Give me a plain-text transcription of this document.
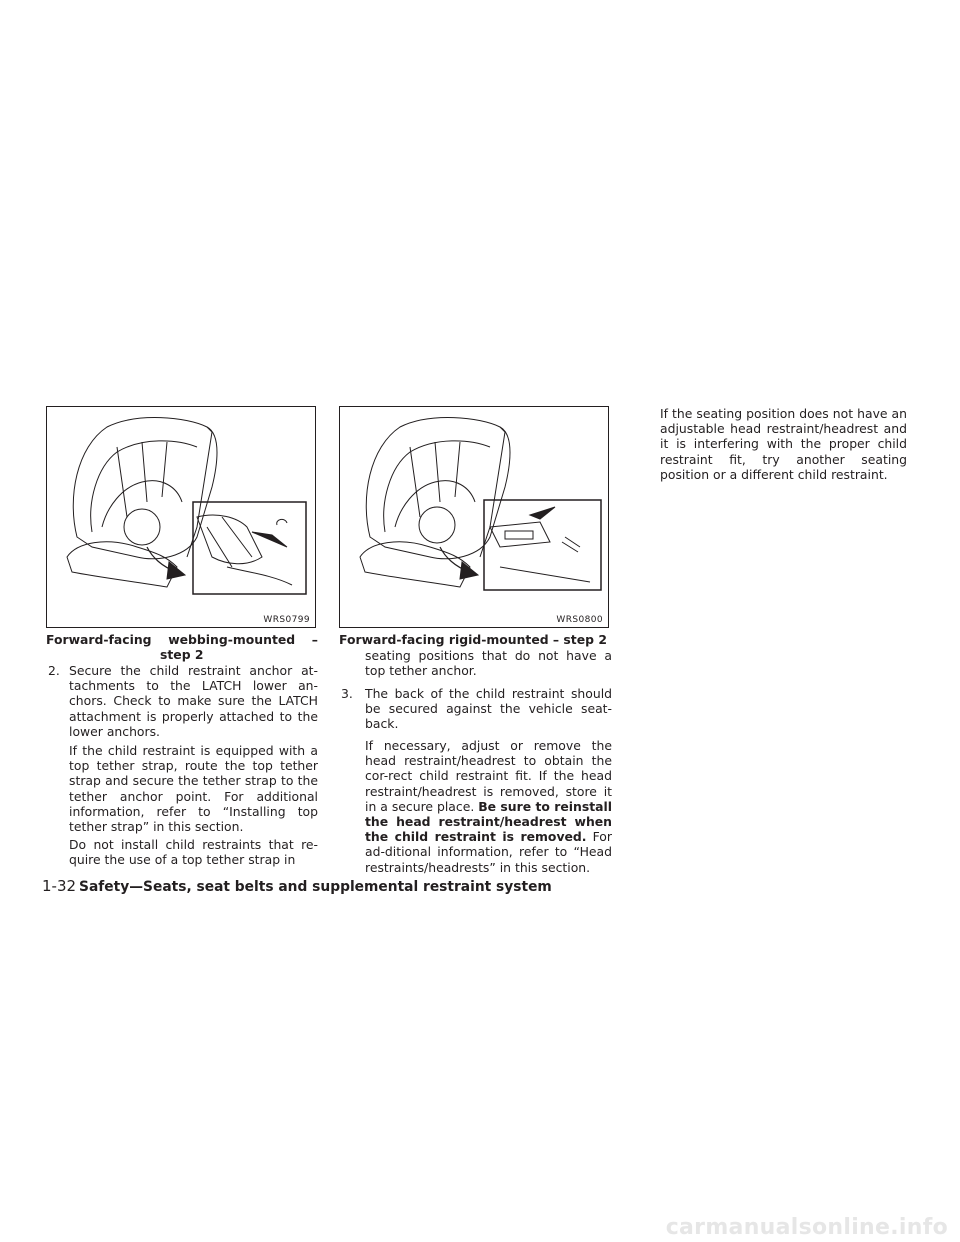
WRS0799	WRS0800
Forward-facing webbing-mounted –
step 2
Forward-facing rigid-mounted – step 2
2. Secure the child restraint anchor at-tachments to the LATCH lower an-chors. Check to make sure the LATCH attachment is properly attached to the lower anchors.

If the child restraint is equipped with a top tether strap, route the top tether strap and secure the tether strap to the tether anchor point. For additional information, refer to “Installing top tether strap” in this section.

Do not install child restraints that re-quire the use of a top tether strap in

seating positions that do not have a top tether anchor.

3. The back of the child restraint should be secured against the vehicle seat-back.

If necessary, adjust or remove the head restraint/headrest to obtain the cor-rect child restraint fit. If the head restraint/headrest is removed, store it in a secure place. Be sure to reinstall the head restraint/headrest when the child restraint is removed. For ad-ditional information, refer to “Head restraints/headrests” in this section.

If the seating position does not have an adjustable head restraint/headrest and it is interfering with the proper child restraint fit, try another seating position or a different child restraint.

1-32 Safety—Seats, seat belts and supplemental restraint system
carmanualsonline.info
